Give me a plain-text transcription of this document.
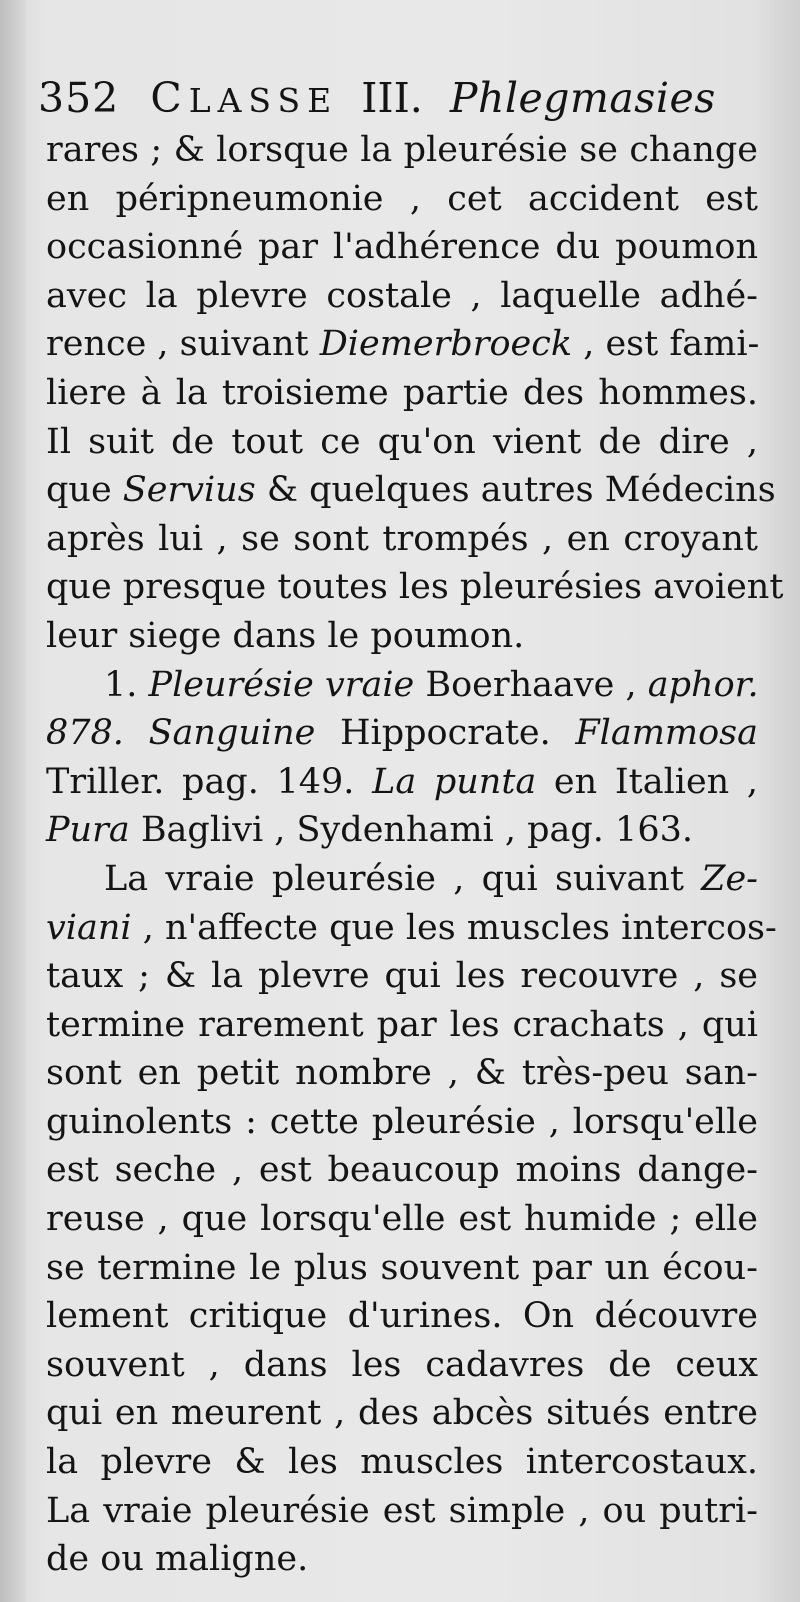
352 CLASSE III. Phlegmasies
rares ; & lorsque la pleurésie se change
en péripneumonie , cet accident est
occasionné par l'adhérence du poumon
avec la plevre costale , laquelle adhé-
rence , suivant Diemerbroeck , est fami-
liere à la troisieme partie des hommes.
Il suit de tout ce qu'on vient de dire ,
que Servius & quelques autres Médecins
après lui , se sont trompés , en croyant
que presque toutes les pleurésies avoient
leur siege dans le poumon.
1. Pleurésie vraie Boerhaave , aphor.
878. Sanguine Hippocrate. Flammosa
Triller. pag. 149. La punta en Italien ,
Pura Baglivi , Sydenhami , pag. 163.
La vraie pleurésie , qui suivant Ze-
viani , n'affecte que les muscles intercos-
taux ; & la plevre qui les recouvre , se
termine rarement par les crachats , qui
sont en petit nombre , & très-peu san-
guinolents : cette pleurésie , lorsqu'elle
est seche , est beaucoup moins dange-
reuse , que lorsqu'elle est humide ; elle
se termine le plus souvent par un écou-
lement critique d'urines. On découvre
souvent , dans les cadavres de ceux
qui en meurent , des abcès situés entre
la plevre & les muscles intercostaux.
La vraie pleurésie est simple , ou putri-
de ou maligne.
